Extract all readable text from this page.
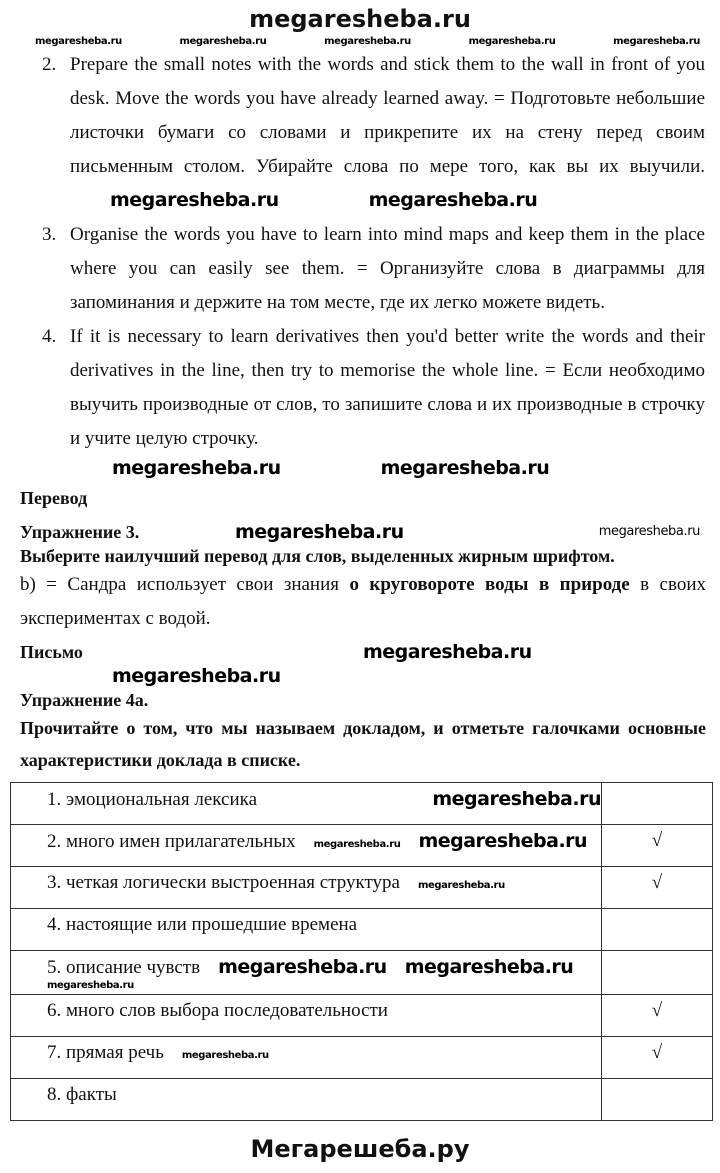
megaresheba.ru
megaresheba.ru	megaresheba.ru	megaresheba.ru	megaresheba.ru	megaresheba.ru
2. Prepare the small notes with the words and stick them to the wall in front of you desk. Move the words you have already learned away. = Подготовьте небольшие листочки бумаги со словами и прикрепите их на стену перед своим письменным столом. Убирайте слова по мере того, как вы их выучили.megaresheba.ru	megaresheba.ru
3. Organise the words you have to learn into mind maps and keep them in the place where you can easily see them. = Организуйте слова в диаграммы для запоминания и держите на том месте, где их легко можете видеть.
4. If it is necessary to learn derivatives then you'd better write the words and their derivatives in the line, then try to memorise the whole line. = Если необходимо выучить производные от слов, то запишите слова и их производные в строчку и учите целую строчку.
megaresheba.ru	megaresheba.ru
Перевод
Упражнение 3.	megaresheba.ru	megaresheba.ru
Выберите наилучший перевод для слов, выделенных жирным шрифтом.
b) = Сандра использует свои знания о круговороте воды в природе в своих экспериментах с водой.
Письмо	megaresheba.ru
megaresheba.ru
Упражнение 4а.
Прочитайте о том, что мы называем докладом, и отметьте галочками основные характеристики доклада в списке.
1. эмоциональная лексика megaresheba.ru	

2. много имен прилагательных megaresheba.ru megaresheba.ru	√

3. четкая логически выстроенная структура megaresheba.ru	√

4. настоящие или прошедшие времена	

5. описание чувств megaresheba.ru megaresheba.ru
megaresheba.ru	

6. много слов выбора последовательности	√

7. прямая речь megaresheba.ru	√

8. факты	

Мегарешеба.ру
